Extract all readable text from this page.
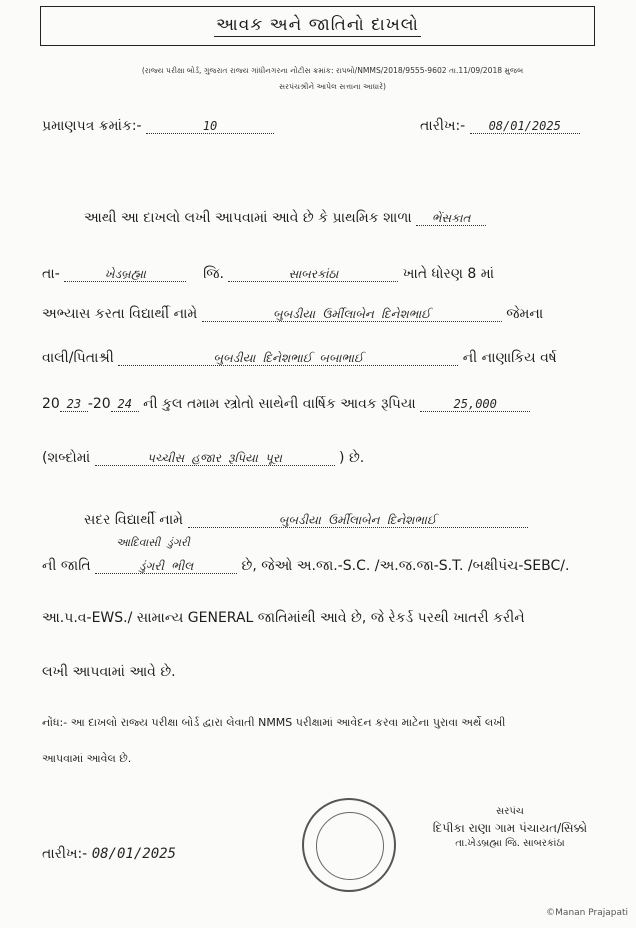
આવક અને જાતિનો દાખલો
(રાજ્ય પરીક્ષા બોર્ડ, ગુજરાત રાજ્ય ગાંધીનગરના નોટીસ ક્રમાંક: રાપબો/NMMS/2018/9555-9602 તા.11/09/2018 મુજબ
સરપંચશ્રીને આપેલ સત્તાના આધારે)
પ્રમાણપત્ર ક્રમાંક:-	10	તારીખ:- 08/01/2025
આથી આ દાખલો લખી આપવામાં આવે છે કે પ્રાથમિક શાળા ભેંસકાત
તા-	ખેડબ્રહ્મા	જિ.	સાબરકાંઠા	ખાતે ધોરણ 8 માં
અભ્યાસ કરતા વિદ્યાર્થી નામે	બુબડીયા ઉર્મીલાબેન દિનેશભાઈ	જેમના
વાલી/પિતાશ્રી	બુબડીયા દિનેશભાઈ બબાભાઈ	ની નાણાકિય વર્ષ
20 23 -20 24 ની કુલ તમામ સ્ત્રોતો સાથેની વાર્ષિક આવક રૂપિયા	25,000
(શબ્દોમાં	પચ્ચીસ હજાર રૂપિયા પૂરા	) છે.
સદર વિદ્યાર્થી નામે	બુબડીયા ઉર્મીલાબેન દિનેશભાઈ
આદિવાસી ડુંગરી
ની જાતિ	ડુંગરી ભીલ	છે, જેઓ અ.જા.-S.C. /અ.જ.જા-S.T. /બક્ષીપંચ-SEBC/.
આ.પ.વ-EWS./ સામાન્ય GENERAL જાતિમાંથી આવે છે, જે રેકર્ડ પરથી ખાતરી કરીને
લખી આપવામાં આવે છે.
નોંધ:- આ દાખલો રાજ્ય પરીક્ષા બોર્ડ દ્વારા લેવાતી NMMS પરીક્ષામાં આવેદન કરવા માટેના પુરાવા અર્થે લખી
આપવામાં આવેલ છે.
તારીખ:- 08/01/2025
સરપંચ
દિપીકા રાણા ગામ પંચાયત/સિક્કો
તા.ખેડબ્રહ્મા જિ. સાબરકાંઠા
©Manan Prajapati
